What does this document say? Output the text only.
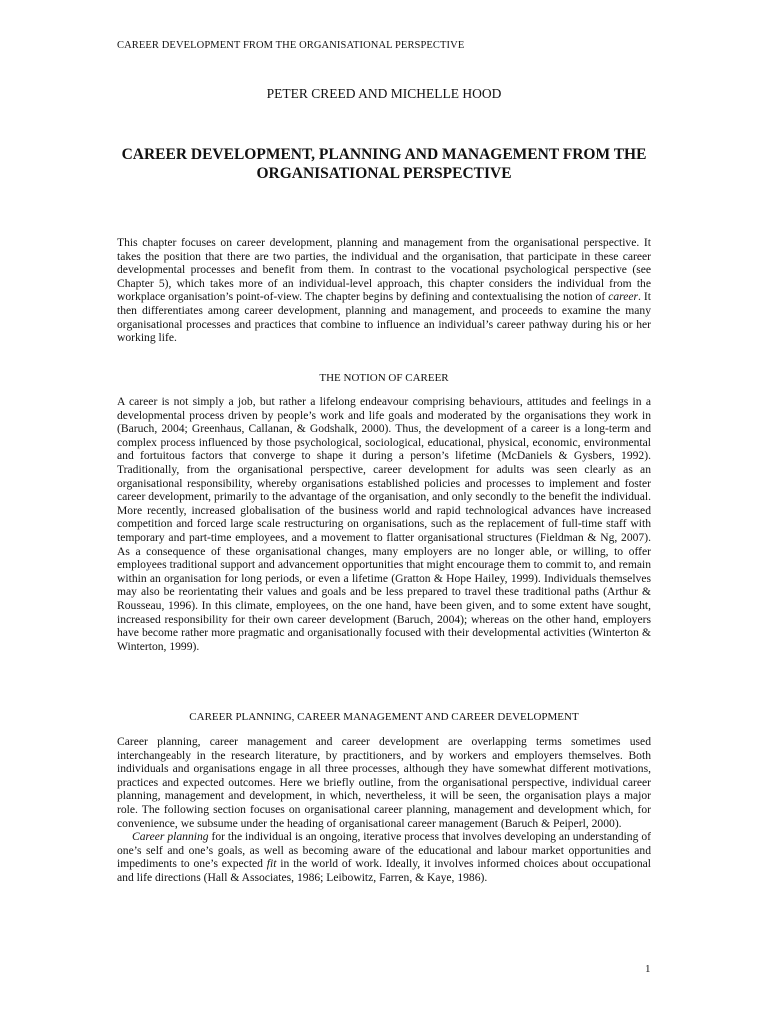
CAREER DEVELOPMENT FROM THE ORGANISATIONAL PERSPECTIVE
PETER CREED AND MICHELLE HOOD
CAREER DEVELOPMENT, PLANNING AND MANAGEMENT FROM THE ORGANISATIONAL PERSPECTIVE

This chapter focuses on career development, planning and management from the organisational perspective. It takes the position that there are two parties, the individual and the organisation, that participate in these career developmental processes and benefit from them. In contrast to the vocational psychological perspective (see Chapter 5), which takes more of an individual-level approach, this chapter considers the individual from the workplace organisation’s point-of-view. The chapter begins by defining and contextualising the notion of career. It then differentiates among career development, planning and management, and proceeds to examine the many organisational processes and practices that combine to influence an individual’s career pathway during his or her working life.

THE NOTION OF CAREER

A career is not simply a job, but rather a lifelong endeavour comprising behaviours, attitudes and feelings in a developmental process driven by people’s work and life goals and moderated by the organisations they work in (Baruch, 2004; Greenhaus, Callanan, & Godshalk, 2000). Thus, the development of a career is a long-term and complex process influenced by those psychological, sociological, educational, physical, economic, environmental and fortuitous factors that converge to shape it during a person’s lifetime (McDaniels & Gysbers, 1992). Traditionally, from the organisational perspective, career development for adults was seen clearly as an organisational responsibility, whereby organisations established policies and processes to implement and foster career development, primarily to the advantage of the organisation, and only secondly to the benefit the individual. More recently, increased globalisation of the business world and rapid technological advances have increased competition and forced large scale restructuring on organisations, such as the replacement of full-time staff with temporary and part-time employees, and a movement to flatter organisational structures (Fieldman & Ng, 2007). As a consequence of these organisational changes, many employers are no longer able, or willing, to offer employees traditional support and advancement opportunities that might encourage them to commit to, and remain within an organisation for long periods, or even a lifetime (Gratton & Hope Hailey, 1999). Individuals themselves may also be reorientating their values and goals and be less prepared to travel these traditional paths (Arthur & Rousseau, 1996). In this climate, employees, on the one hand, have been given, and to some extent have sought, increased responsibility for their own career development (Baruch, 2004); whereas on the other hand, employers have become rather more pragmatic and organisationally focused with their developmental activities (Winterton & Winterton, 1999).

CAREER PLANNING, CAREER MANAGEMENT AND CAREER DEVELOPMENT

Career planning, career management and career development are overlapping terms sometimes used interchangeably in the research literature, by practitioners, and by workers and employers themselves. Both individuals and organisations engage in all three processes, although they have somewhat different motivations, practices and expected outcomes. Here we briefly outline, from the organisational perspective, individual career planning, management and development, in which, nevertheless, it will be seen, the organisation plays a major role. The following section focuses on organisational career planning, management and development which, for convenience, we subsume under the heading of organisational career management (Baruch & Peiperl, 2000).

Career planning for the individual is an ongoing, iterative process that involves developing an understanding of one’s self and one’s goals, as well as becoming aware of the educational and labour market opportunities and impediments to one’s expected fit in the world of work. Ideally, it involves informed choices about occupational and life directions (Hall & Associates, 1986; Leibowitz, Farren, & Kaye, 1986).

1
